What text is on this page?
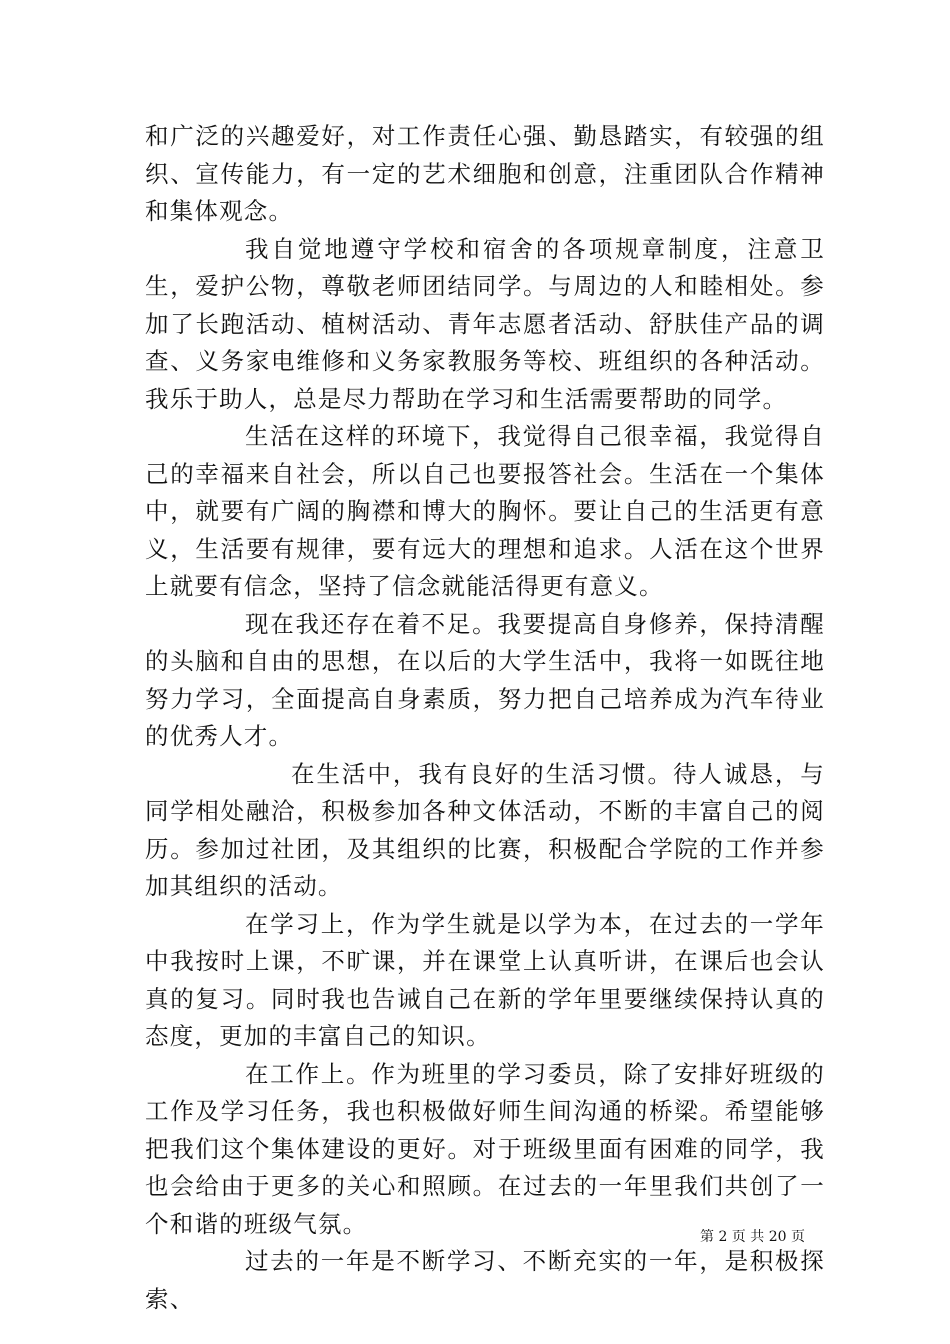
和广泛的兴趣爱好，对工作责任心强、勤恳踏实，有较强的组织、宣传能力，有一定的艺术细胞和创意，注重团队合作精神和集体观念。

我自觉地遵守学校和宿舍的各项规章制度，注意卫生，爱护公物，尊敬老师团结同学。与周边的人和睦相处。参加了长跑活动、植树活动、青年志愿者活动、舒肤佳产品的调查、义务家电维修和义务家教服务等校、班组织的各种活动。我乐于助人，总是尽力帮助在学习和生活需要帮助的同学。

生活在这样的环境下，我觉得自己很幸福，我觉得自己的幸福来自社会，所以自己也要报答社会。生活在一个集体中，就要有广阔的胸襟和博大的胸怀。要让自己的生活更有意义，生活要有规律，要有远大的理想和追求。人活在这个世界上就要有信念，坚持了信念就能活得更有意义。

现在我还存在着不足。我要提高自身修养，保持清醒的头脑和自由的思想，在以后的大学生活中，我将一如既往地努力学习，全面提高自身素质，努力把自己培养成为汽车待业的优秀人才。

在生活中，我有良好的生活习惯。待人诚恳，与同学相处融洽，积极参加各种文体活动，不断的丰富自己的阅历。参加过社团，及其组织的比赛，积极配合学院的工作并参加其组织的活动。

在学习上，作为学生就是以学为本，在过去的一学年中我按时上课，不旷课，并在课堂上认真听讲，在课后也会认真的复习。同时我也告诫自己在新的学年里要继续保持认真的态度，更加的丰富自己的知识。

在工作上。作为班里的学习委员，除了安排好班级的工作及学习任务，我也积极做好师生间沟通的桥梁。希望能够把我们这个集体建设的更好。对于班级里面有困难的同学，我也会给由于更多的关心和照顾。在过去的一年里我们共创了一个和谐的班级气氛。

过去的一年是不断学习、不断充实的一年，是积极探索、

第 2 页 共 20 页
